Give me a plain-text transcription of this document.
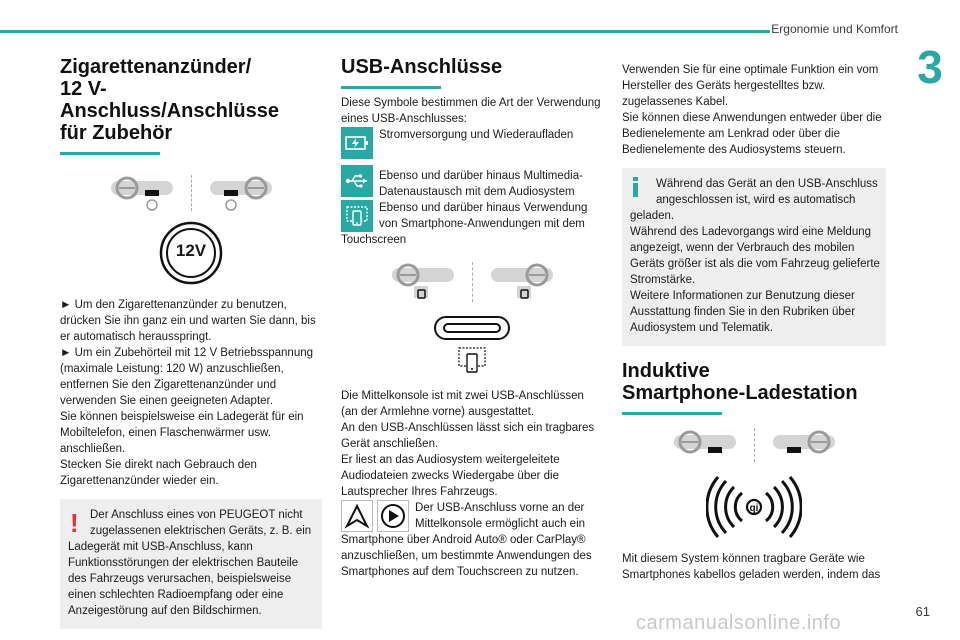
Ergonomie und Komfort
3
61
carmanualsonline.info
Zigarettenanzünder/
12 V-Anschluss/Anschlüsse
für Zubehör
12V

► Um den Zigarettenanzünder zu benutzen, drücken Sie ihn ganz ein und warten Sie dann, bis er automatisch herausspringt.

► Um ein Zubehörteil mit 12 V Betriebsspannung (maximale Leistung: 120 W) anzuschließen, entfernen Sie den Zigarettenanzünder und verwenden Sie einen geeigneten Adapter.

Sie können beispielsweise ein Ladegerät für ein Mobiltelefon, einen Flaschenwärmer usw. anschließen.

Stecken Sie direkt nach Gebrauch den Zigarettenanzünder wieder ein.

! Der Anschluss eines von PEUGEOT nicht zugelassenen elektrischen Geräts, z. B. ein

Ladegerät mit USB-Anschluss, kann Funktionsstörungen der elektrischen Bauteile des Fahrzeugs verursachen, beispielsweise einen schlechten Radioempfang oder eine Anzeigestörung auf den Bildschirmen.

USB-Anschlüsse

Diese Symbole bestimmen die Art der Verwendung eines USB-Anschlusses:

Stromversorgung und Wiederaufladen

Ebenso und darüber hinaus Multimedia-Datenaustausch mit dem Audiosystem

Ebenso und darüber hinaus Verwendung von Smartphone-Anwendungen mit dem

Touchscreen

Die Mittelkonsole ist mit zwei USB-Anschlüssen (an der Armlehne vorne) ausgestattet.

An den USB-Anschlüssen lässt sich ein tragbares Gerät anschließen.

Er liest an das Audiosystem weitergeleitete Audiodateien zwecks Wiedergabe über die Lautsprecher Ihres Fahrzeugs.

Der USB-Anschluss vorne an der

Mittelkonsole ermöglicht auch ein

Smartphone über Android Auto® oder CarPlay® anzuschließen, um bestimmte Anwendungen des Smartphones auf dem Touchscreen zu nutzen.

Verwenden Sie für eine optimale Funktion ein vom Hersteller des Geräts hergestelltes bzw. zugelassenes Kabel.

Sie können diese Anwendungen entweder über die Bedienelemente am Lenkrad oder über die Bedienelemente des Audiosystems steuern.

Während das Gerät an den USB-Anschluss angeschlossen ist, wird es automatisch

geladen.

Während des Ladevorgangs wird eine Meldung angezeigt, wenn der Verbrauch des mobilen Geräts größer ist als die vom Fahrzeug gelieferte Stromstärke.

Weitere Informationen zur Benutzung dieser Ausstattung finden Sie in den Rubriken über Audiosystem und Telematik.

Induktive
Smartphone-Ladestation
qi

Mit diesem System können tragbare Geräte wie Smartphones kabellos geladen werden, indem das
